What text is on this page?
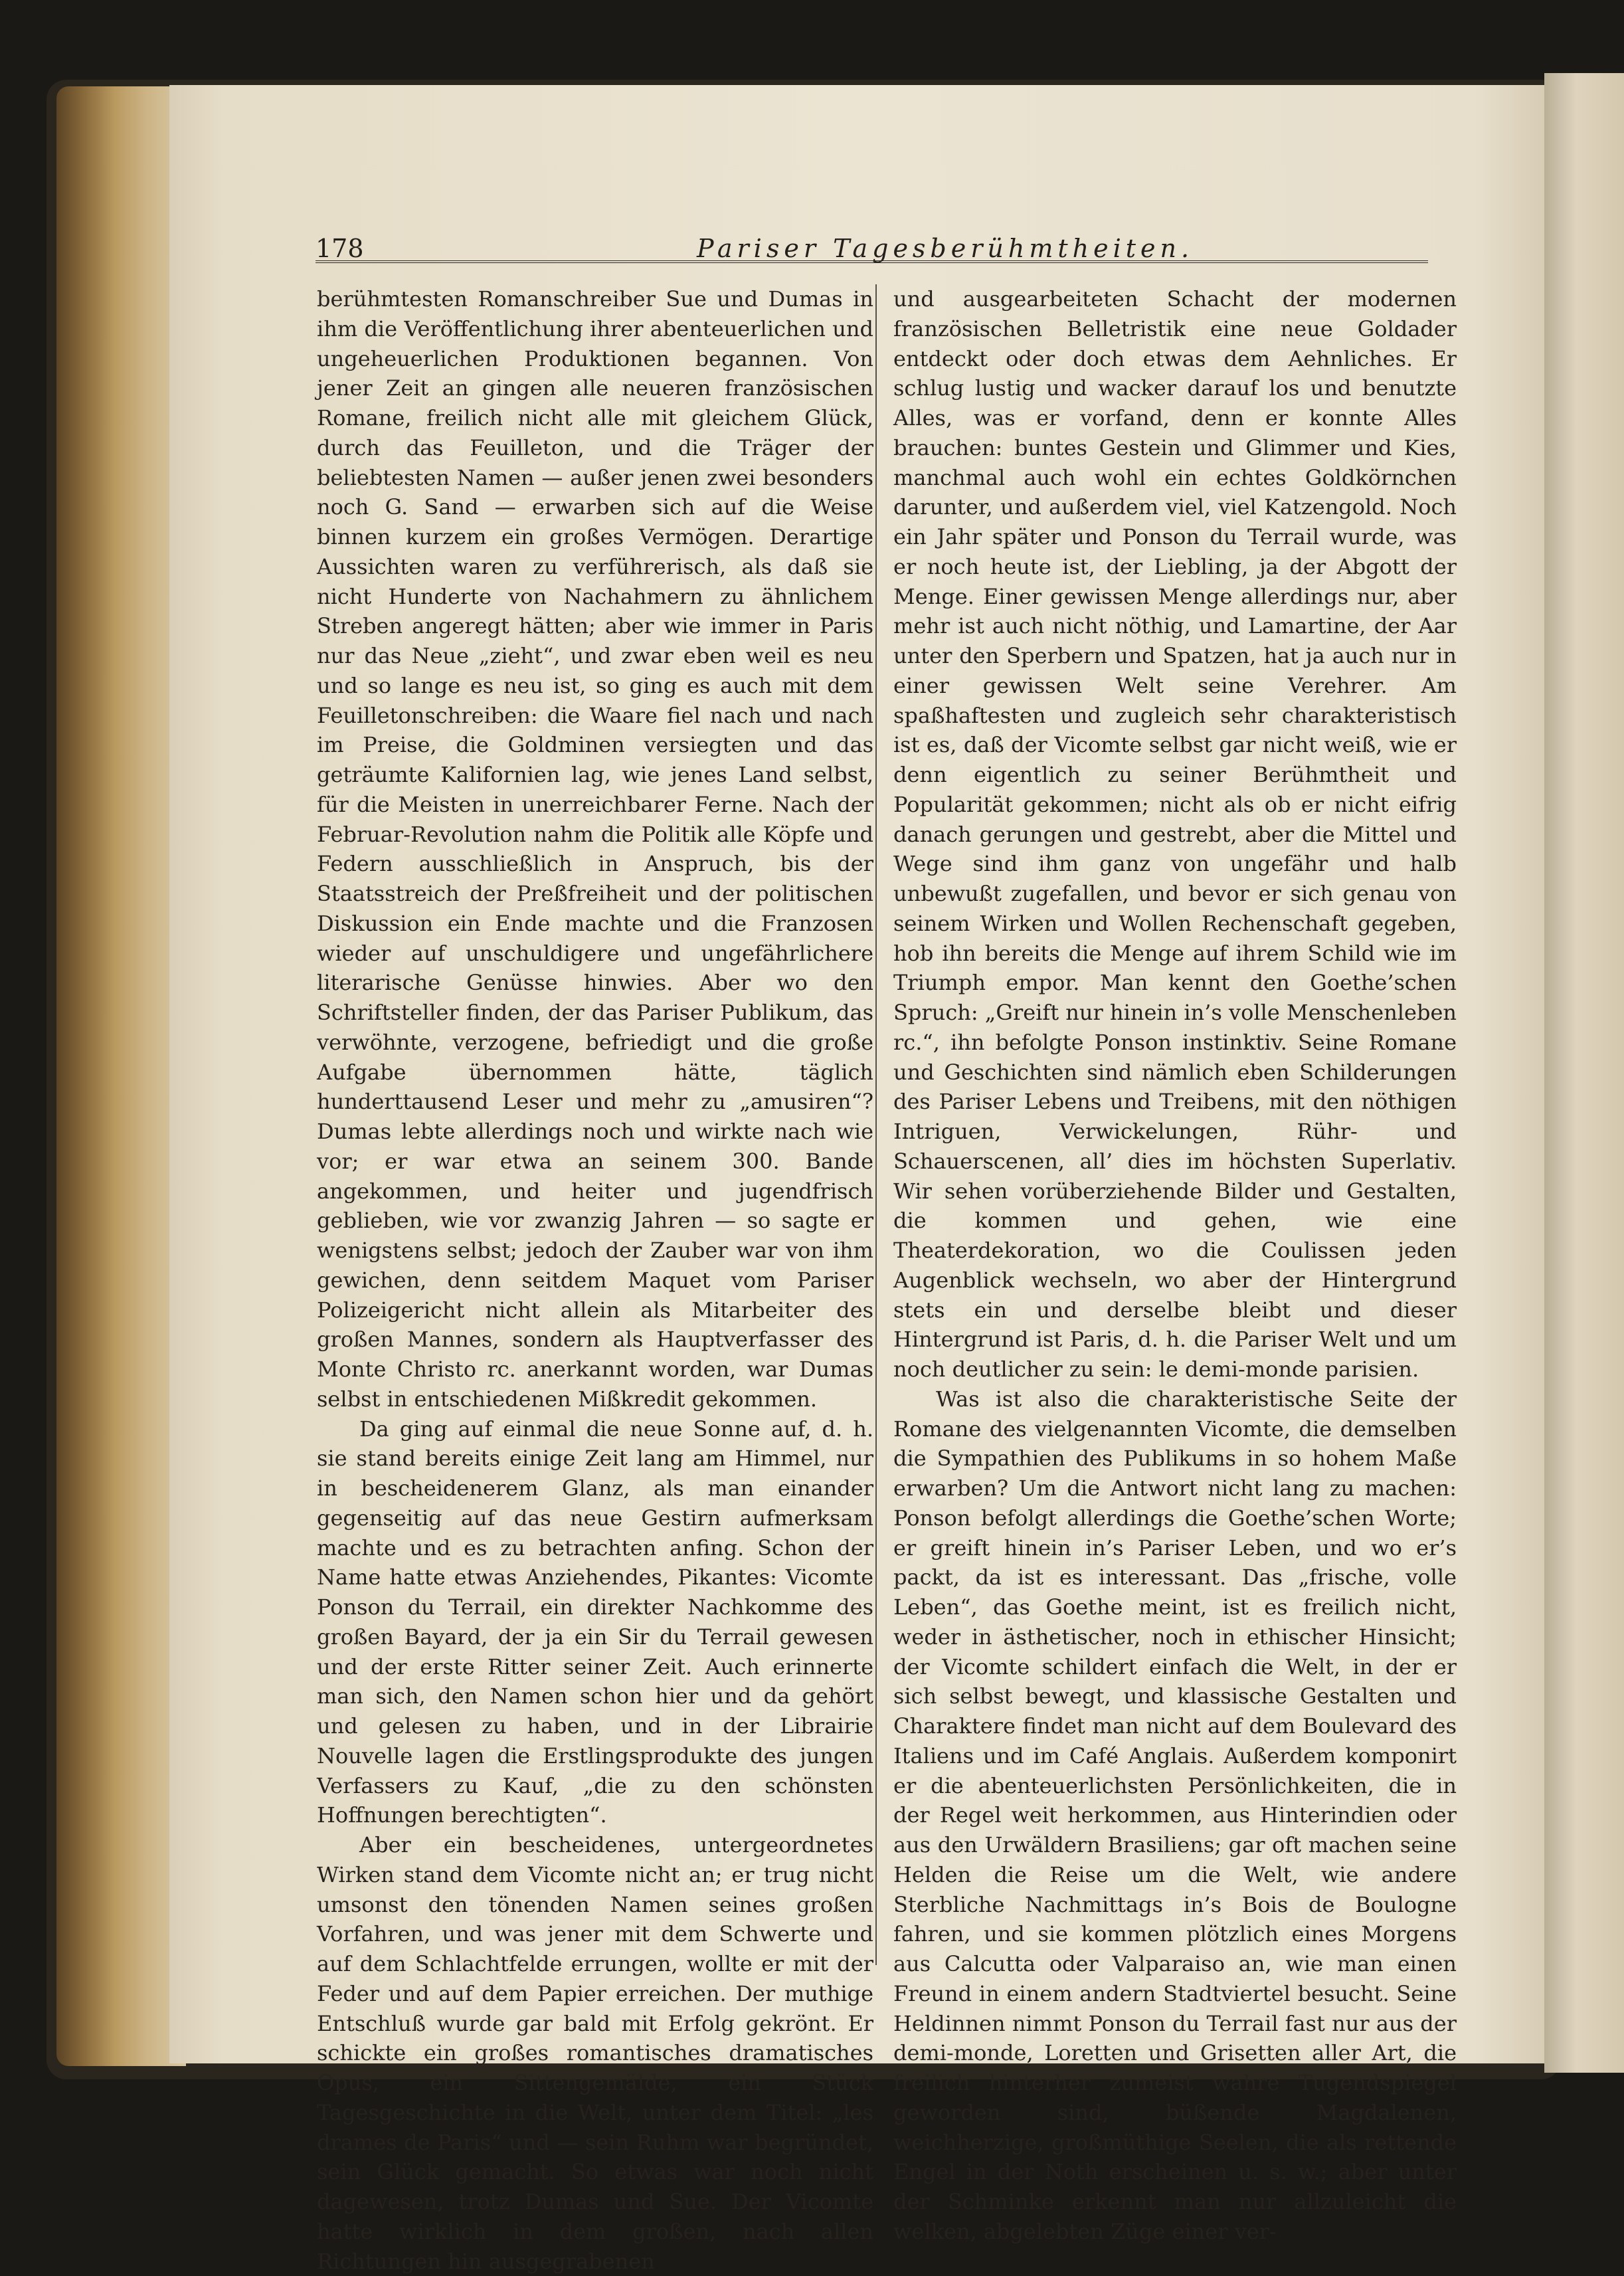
178	Pariser Tagesberühmtheiten.

berühmtesten Romanschreiber Sue und Dumas in ihm die Veröffentlichung ihrer abenteuerlichen und ungeheuerlichen Produktionen begannen. Von jener Zeit an gingen alle neueren französischen Romane, freilich nicht alle mit gleichem Glück, durch das Feuilleton, und die Träger der beliebtesten Namen — außer jenen zwei besonders noch G. Sand — erwarben sich auf die Weise binnen kurzem ein großes Vermögen. Derartige Aussichten waren zu verführerisch, als daß sie nicht Hunderte von Nachahmern zu ähnlichem Streben angeregt hätten; aber wie immer in Paris nur das Neue „zieht“, und zwar eben weil es neu und so lange es neu ist, so ging es auch mit dem Feuilletonschreiben: die Waare fiel nach und nach im Preise, die Goldminen versiegten und das geträumte Kalifornien lag, wie jenes Land selbst, für die Meisten in unerreichbarer Ferne. Nach der Februar-Revolution nahm die Politik alle Köpfe und Federn ausschließlich in Anspruch, bis der Staatsstreich der Preßfreiheit und der politischen Diskussion ein Ende machte und die Franzosen wieder auf unschuldigere und ungefährlichere literarische Genüsse hinwies. Aber wo den Schriftsteller finden, der das Pariser Publikum, das verwöhnte, verzogene, befriedigt und die große Aufgabe übernommen hätte, täglich hunderttausend Leser und mehr zu „amusiren“? Dumas lebte allerdings noch und wirkte nach wie vor; er war etwa an seinem 300. Bande angekommen, und heiter und jugendfrisch geblieben, wie vor zwanzig Jahren — so sagte er wenigstens selbst; jedoch der Zauber war von ihm gewichen, denn seitdem Maquet vom Pariser Polizeigericht nicht allein als Mitarbeiter des großen Mannes, sondern als Hauptverfasser des Monte Christo rc. anerkannt worden, war Dumas selbst in entschiedenen Mißkredit gekommen.

Da ging auf einmal die neue Sonne auf, d. h. sie stand bereits einige Zeit lang am Himmel, nur in bescheidenerem Glanz, als man einander gegenseitig auf das neue Gestirn aufmerksam machte und es zu betrachten anfing. Schon der Name hatte etwas Anziehendes, Pikantes: Vicomte Ponson du Terrail, ein direkter Nachkomme des großen Bayard, der ja ein Sir du Terrail gewesen und der erste Ritter seiner Zeit. Auch erinnerte man sich, den Namen schon hier und da gehört und gelesen zu haben, und in der Librairie Nouvelle lagen die Erstlingsprodukte des jungen Verfassers zu Kauf, „die zu den schönsten Hoffnungen berechtigten“.

Aber ein bescheidenes, untergeordnetes Wirken stand dem Vicomte nicht an; er trug nicht umsonst den tönenden Namen seines großen Vorfahren, und was jener mit dem Schwerte und auf dem Schlachtfelde errungen, wollte er mit der Feder und auf dem Papier erreichen. Der muthige Entschluß wurde gar bald mit Erfolg gekrönt. Er schickte ein großes romantisches dramatisches Opus, ein Sittengemälde, ein Stück Tagesgeschichte in die Welt, unter dem Titel: „les drames de Paris“ und — sein Ruhm war begründet, sein Glück gemacht. So etwas war noch nicht dagewesen, trotz Dumas und Sue. Der Vicomte hatte wirklich in dem großen, nach allen Richtungen hin ausgegrabenen

und ausgearbeiteten Schacht der modernen französischen Belletristik eine neue Goldader entdeckt oder doch etwas dem Aehnliches. Er schlug lustig und wacker darauf los und benutzte Alles, was er vorfand, denn er konnte Alles brauchen: buntes Gestein und Glimmer und Kies, manchmal auch wohl ein echtes Goldkörnchen darunter, und außerdem viel, viel Katzengold. Noch ein Jahr später und Ponson du Terrail wurde, was er noch heute ist, der Liebling, ja der Abgott der Menge. Einer gewissen Menge allerdings nur, aber mehr ist auch nicht nöthig, und Lamartine, der Aar unter den Sperbern und Spatzen, hat ja auch nur in einer gewissen Welt seine Verehrer. Am spaßhaftesten und zugleich sehr charakteristisch ist es, daß der Vicomte selbst gar nicht weiß, wie er denn eigentlich zu seiner Berühmtheit und Popularität gekommen; nicht als ob er nicht eifrig danach gerungen und gestrebt, aber die Mittel und Wege sind ihm ganz von ungefähr und halb unbewußt zugefallen, und bevor er sich genau von seinem Wirken und Wollen Rechenschaft gegeben, hob ihn bereits die Menge auf ihrem Schild wie im Triumph empor. Man kennt den Goethe’schen Spruch: „Greift nur hinein in’s volle Menschenleben rc.“, ihn befolgte Ponson instinktiv. Seine Romane und Geschichten sind nämlich eben Schilderungen des Pariser Lebens und Treibens, mit den nöthigen Intriguen, Verwickelungen, Rühr- und Schauerscenen, all’ dies im höchsten Superlativ. Wir sehen vorüberziehende Bilder und Gestalten, die kommen und gehen, wie eine Theaterdekoration, wo die Coulissen jeden Augenblick wechseln, wo aber der Hintergrund stets ein und derselbe bleibt und dieser Hintergrund ist Paris, d. h. die Pariser Welt und um noch deutlicher zu sein: le demi-monde parisien.

Was ist also die charakteristische Seite der Romane des vielgenannten Vicomte, die demselben die Sympathien des Publikums in so hohem Maße erwarben? Um die Antwort nicht lang zu machen: Ponson befolgt allerdings die Goethe’schen Worte; er greift hinein in’s Pariser Leben, und wo er’s packt, da ist es interessant. Das „frische, volle Leben“, das Goethe meint, ist es freilich nicht, weder in ästhetischer, noch in ethischer Hinsicht; der Vicomte schildert einfach die Welt, in der er sich selbst bewegt, und klassische Gestalten und Charaktere findet man nicht auf dem Boulevard des Italiens und im Café Anglais. Außerdem komponirt er die abenteuerlichsten Persönlichkeiten, die in der Regel weit herkommen, aus Hinterindien oder aus den Urwäldern Brasiliens; gar oft machen seine Helden die Reise um die Welt, wie andere Sterbliche Nachmittags in’s Bois de Boulogne fahren, und sie kommen plötzlich eines Morgens aus Calcutta oder Valparaiso an, wie man einen Freund in einem andern Stadtviertel besucht. Seine Heldinnen nimmt Ponson du Terrail fast nur aus der demi-monde, Loretten und Grisetten aller Art, die freilich hinterher zumeist wahre Tugendspiegel geworden sind, büßende Magdalenen, weichherzige, großmüthige Seelen, die als rettende Engel in der Noth erscheinen u. s. w.; aber unter der Schminke erkennt man nur allzuleicht die welken, abgelebten Züge einer ver-
